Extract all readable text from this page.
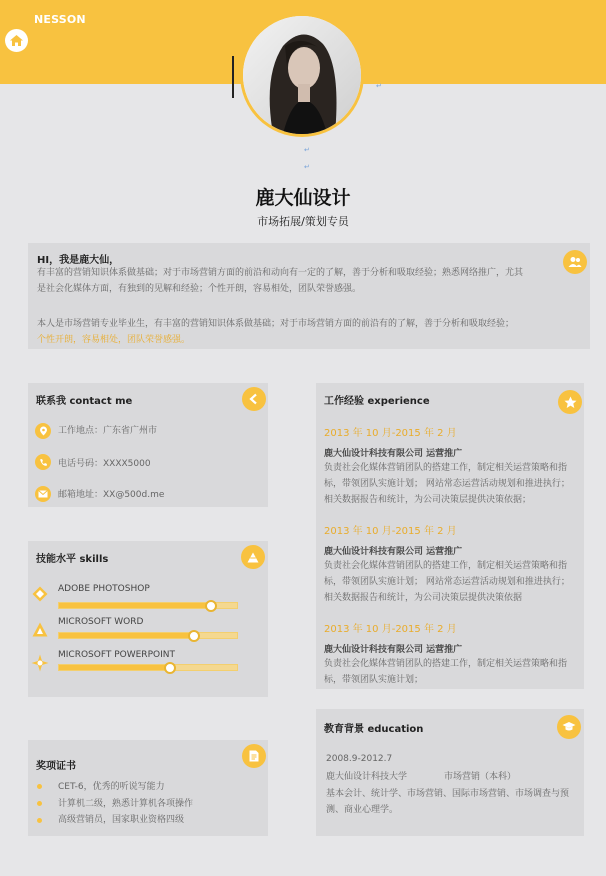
NESSON
↵
↵
↵
鹿大仙设计
市场拓展/策划专员
HI，我是鹿大仙，
有丰富的营销知识体系做基础；对于市场营销方面的前沿和动向有一定的了解，善于分析和吸取经验；熟悉网络推广，尤其
是社会化媒体方面，有独到的见解和经验；个性开朗，容易相处，团队荣誉感强。
本人是市场营销专业毕业生，有丰富的营销知识体系做基础；对于市场营销方面的前沿有的了解，善于分析和吸取经验；
个性开朗，容易相处，团队荣誉感强。
联系我 contact me
工作地点：广东省广州市
电话号码：XXXX5000
邮箱地址：XX@500d.me
技能水平 skills
ADOBE PHOTOSHOP
MICROSOFT WORD
MICROSOFT POWERPOINT
奖项证书
CET-6，优秀的听说写能力
计算机二级，熟悉计算机各项操作
高级营销员，国家职业资格四级
工作经验 experience
2013 年 10 月-2015 年 2 月
鹿大仙设计科技有限公司 运营推广
负责社会化媒体营销团队的搭建工作，制定相关运营策略和指
标，带领团队实施计划； 网站常态运营活动规划和推进执行；
相关数据报告和统计，为公司决策层提供决策依据；
2013 年 10 月-2015 年 2 月
鹿大仙设计科技有限公司 运营推广
负责社会化媒体营销团队的搭建工作，制定相关运营策略和指
标，带领团队实施计划； 网站常态运营活动规划和推进执行；
相关数据报告和统计，为公司决策层提供决策依据
2013 年 10 月-2015 年 2 月
鹿大仙设计科技有限公司 运营推广
负责社会化媒体营销团队的搭建工作，制定相关运营策略和指
标，带领团队实施计划；
教育背景 education
2008.9-2012.7
鹿大仙设计科技大学	市场营销（本科）
基本会计、统计学、市场营销、国际市场营销、市场调查与预
测、商业心理学。
